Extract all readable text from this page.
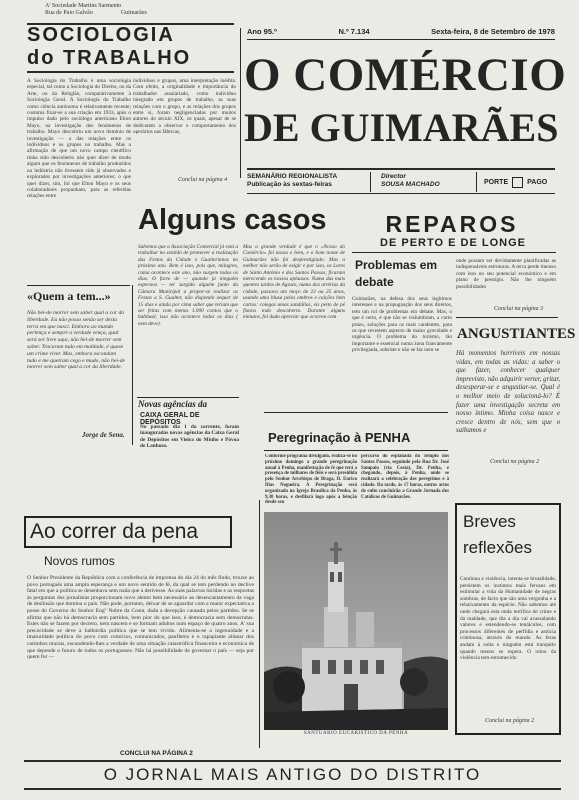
A' Sociedade Martins Sarmento
Rua de Paio Galvão	Guimarães
SOCIOLOGIA
do TRABALHO
A Sociologia do Trabalho é uma sociologia especial, tal como a Sociologia do Direito, ou da Arte, ou da Religião, comparativamente à Sociologia Geral. A Sociologia do Trabalho como ciência autónoma é relativamente recente; costuma fixar-se a sua criação em 1933, após o impulso dado pelo sociólogo americano Elton Mayo, na investigação dos fenómenos de trabalho. Mayo descobriu um novo domínio de investigação — o das relações entre os indivíduos e os grupos no trabalho. Mas a afirmação de que um novo campo científico tinha sido descoberto não quer dizer de modo algum que os fenómenos de trabalho produzidos na indústria não tivessem sido já observados e explorados por investigações anteriores; o que quer dizer, sim, foi que Elton Mayo e os seus colaboradores propunham, para as referidas relações entre
indivíduos e grupos, uma interpretação inédita. Com efeito, a originalidade e importância do trabalhador assalariado, como indivíduo integrado em grupos de trabalho, as suas relações com o grupo, e as relações dos grupos entre si, foram negligenciadas por muitos autores do século XIX, os quais, apesar de se dedicarem a observar o comportamento dos operários nas fábricas,
Conclui na página 4
«Quem a tem...»
Não hei-de morrer sem saber qual a cor da liberdade. Eu não posso senão ser desta terra em que nasci. Embora ao mundo pertença e sempre a verdade vença, qual será ser livre aqui, não hei-de morrer sem saber. Trocaram tudo em maldade, é quase um crime viver. Mas, embora escondam tudo e me queiram cego e mudo, não hei-de morrer sem saber qual a cor da liberdade.
Jorge de Sena.
Ano 95.º	N.º 7.134	Sexta-feira, 8 de Setembro de 1978
O COMÉRCIO
DE GUIMARÃES
SEMANÁRIO REGIONALISTA
Publicação às sextas-feiras
Director
SOUSA MACHADO	PORTE	PAGO
Alguns casos
Sabemos que a Associação Comercial já está a trabalhar no sentido de promover a realização das Festas da Cidade e Gualterianas no próximo ano. Bem é isso, pois que, milagres, cama acontece este ano, não surgem todos os dias. O facto de — quando já ninguém esperava — ter surgido alguém junto da Câmara Municipal a propor-se realizar as Festas a S. Gualter, não dispondo sequer de 15 dias e ainda por cima saber que teriam que ser feitas com menos 1.000 contos que o habitual, isso não acontece todos os dias ( nem deve).
Mas a grande verdade é que o «Nosso do Comércio» foi nosso e bem, e o bom nome de Guimarães não foi desprestigiado. Mas a melhor não serão de exigir e por isso, os Lares de Santo António e dos Santos Passos, ficaram merecendo os nossos aplausos. Numa das mais quentes tardes de Agosto, numa das artérias da cidade, passava um moço de 23 ou 25 anos, usando uma blusa pelos ombros e calções bem curtos: colegas umas sandálias, eis peito de pé fixava todo descoberto. Durante alguns minutos, foi dado apreciar que ocorreu com
Novas agências da
CAIXA GERAL DE DEPÓSITOS
No passado dia 1 do corrente, foram inauguradas novas agências da Caixa Geral de Depósitos em Vieira do Minho e Póvoa de Lanhoso.
REPAROS
DE PERTO E DE LONGE
Problemas em debate
Guimarães, na defesa dos seus legítimos interesses e na propugnação dos seus direitos, tem um rol de problemas em debate. Mas, o que é certo, é que não se vislumbram, a curto prazo, soluções para os mais candentes, para os que revestem aspecto de maior gravidade e urgência. O problema do turismo, tão importante e essencial numa zona francamente privilegiada, subsiste e não se faz nem se
onde possam ser devidamente planificadas as indispensáveis estruturas. A terra perde imenso com isso no seu potencial económico e em plano de prestígio. Não lhe ninguém possibilidades
Conclui na página 3
ANGUSTIANTES
Há momentos horríveis em nossas vidas, em todas as vidas: a saber o que fazer, conhecer qualquer imprevisto, não adquirir verter, gritar, desesperar-se e angustiar-se. Qual é o melhor meio de solucioná-lo? É fazer uma investigação secreta em nosso íntimo. Minha coisa nasce e cresce dentro de nós, sem que o saibamos e
Conclui na página 2
Ao correr da pena
Novos rumos
O Senhor Presidente da República com a conferência de imprensa do dia 24 do mês findo, trouxe ao povo português uma ampla esperança e um novo sentido de fé, da qual se tem perdendo no declive fatal em que a política se desenhava sem nada que a detivesse. As suas palavras lúcidas e as respostas às perguntas dos jornalistas proporcionam novo alento bem necessário ao desencantamento da vaga de desilusão que domina o país. Não pode, portanto, deixar de se aguardar com a maior expectativa a posse do Governo do Senhor Engº Nobre da Costa, dada a decepção causada pelos partidos. Se se afirma que não há democracia sem partidos, bem pior do que isso, é democracia sem democratas. Estes não se fazem por decreto, nem nascem e se formam adultos num espaço de quatro anos. A' sua precocidade se deve a balbúrdia política que se tem vivido. Alimenta-se a ingenuidade e a imaturidade política do povo com comícios, comunicados, panfletos e o rapapiante alinear dos carimbos murais, escondendo-lhes a verdade de uma situação catastrófica financeira e económica de que depende o futuro de todos os portugueses. Não há possibilidade de governar o país — seja por quem for —
CONCLUI NA PÁGINA 2
Peregrinação à PENHA
Conforme programa divulgado, realiza-se no próximo domingo a grande peregrinação anual à Penha, manifestação de fé que terá a presença de milhares de fiéis e será presidida pelo Senhor Arcebispo de Braga, D. Eurico Dias Nogueira. A Peregrinação será organizada na Igreja Brasílica da Penha, às 9,30 horas, e desfilará logo após a bênção desde seu
percurso do esplanada do Templo dos Santos Passos, seguindo pela Rua Dr. José Sampaio (via Costa), Dr. Penha, e chegando, depois, à Penha, onde se realizará a celebração dos peregrinos e à cidade. Da tarde, às 17 horas, outros actos de culto concluirão a Grande Jornada dos Católicos de Guimarães.
SANTUÁRIO EUCARÍSTICO DA PENHA
Breves
reflexões
Continua a violência, intenta-se brutalidade, persistem os instintos mais ferozes em estimular a vida da Humanidade de negras sombras, de facto que são uma vergonha e a rebaixamento da espécie. Não sabemos até onde chegará esta onda terrífica de crime e da maldade, que dia a dia vai avassalando valores e estendendo-se tentáculos, com processos diferentes de perfídia e astúcia criminosa, através do mundo. As feras andam à solta e ninguém está tranquilo quando menos se espera. O reino da violência tem estremecido
Conclui na página 2
O JORNAL MAIS ANTIGO DO DISTRITO
